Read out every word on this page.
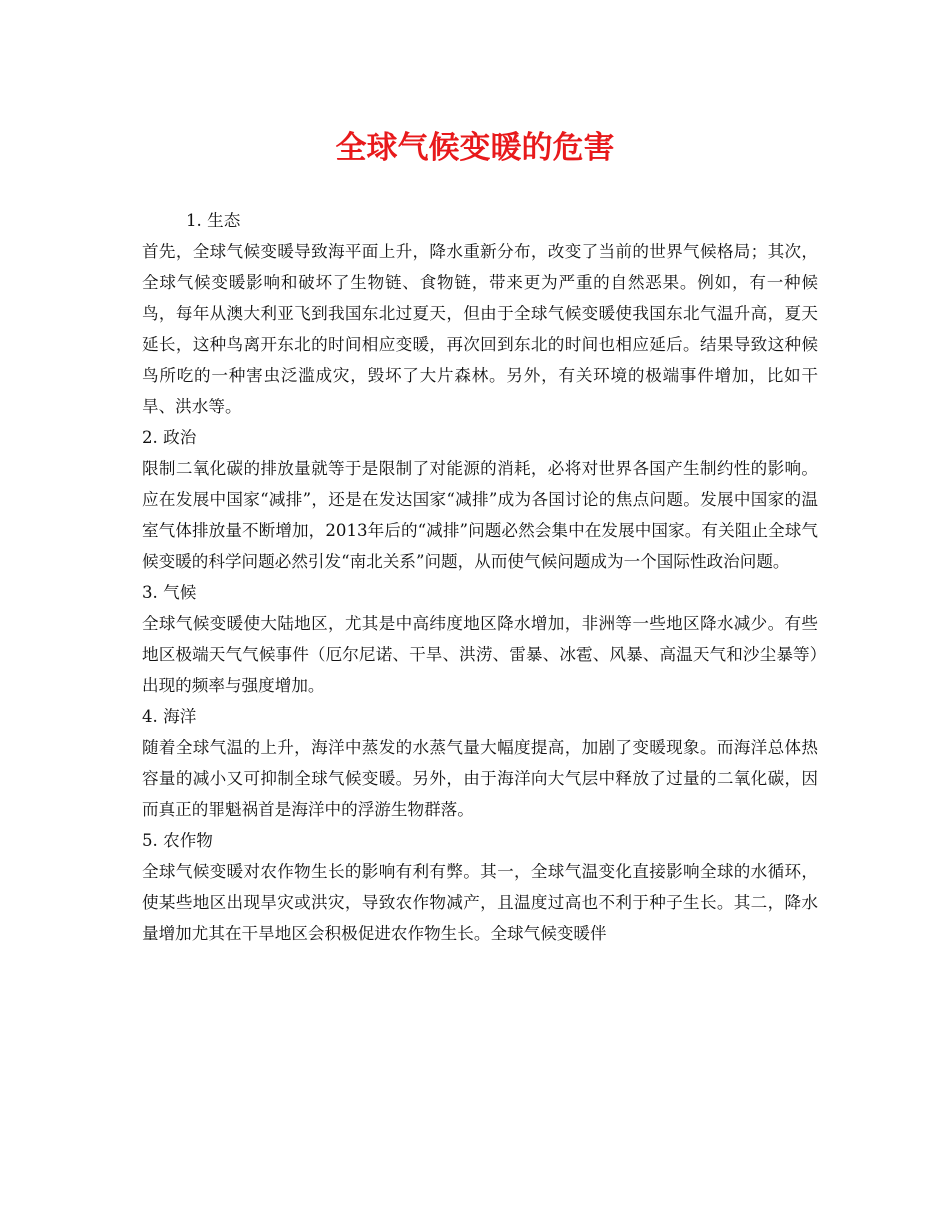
全球气候变暖的危害
1. 生态

首先，全球气候变暖导致海平面上升，降水重新分布，改变了当前的世界气候格局；其次，全球气候变暖影响和破坏了生物链、食物链，带来更为严重的自然恶果。例如，有一种候鸟，每年从澳大利亚飞到我国东北过夏天，但由于全球气候变暖使我国东北气温升高，夏天延长，这种鸟离开东北的时间相应变暖，再次回到东北的时间也相应延后。结果导致这种候鸟所吃的一种害虫泛滥成灾，毁坏了大片森林。另外，有关环境的极端事件增加，比如干旱、洪水等。

2. 政治

限制二氧化碳的排放量就等于是限制了对能源的消耗，必将对世界各国产生制约性的影响。应在发展中国家“减排”，还是在发达国家“减排”成为各国讨论的焦点问题。发展中国家的温室气体排放量不断增加，2013年后的“减排”问题必然会集中在发展中国家。有关阻止全球气候变暖的科学问题必然引发“南北关系”问题，从而使气候问题成为一个国际性政治问题。

3. 气候

全球气候变暖使大陆地区，尤其是中高纬度地区降水增加，非洲等一些地区降水减少。有些地区极端天气气候事件（厄尔尼诺、干旱、洪涝、雷暴、冰雹、风暴、高温天气和沙尘暴等）出现的频率与强度增加。

4. 海洋

随着全球气温的上升，海洋中蒸发的水蒸气量大幅度提高，加剧了变暖现象。而海洋总体热容量的减小又可抑制全球气候变暖。另外，由于海洋向大气层中释放了过量的二氧化碳，因而真正的罪魁祸首是海洋中的浮游生物群落。

5. 农作物

全球气候变暖对农作物生长的影响有利有弊。其一，全球气温变化直接影响全球的水循环，使某些地区出现旱灾或洪灾，导致农作物减产，且温度过高也不利于种子生长。其二，降水量增加尤其在干旱地区会积极促进农作物生长。全球气候变暖伴
